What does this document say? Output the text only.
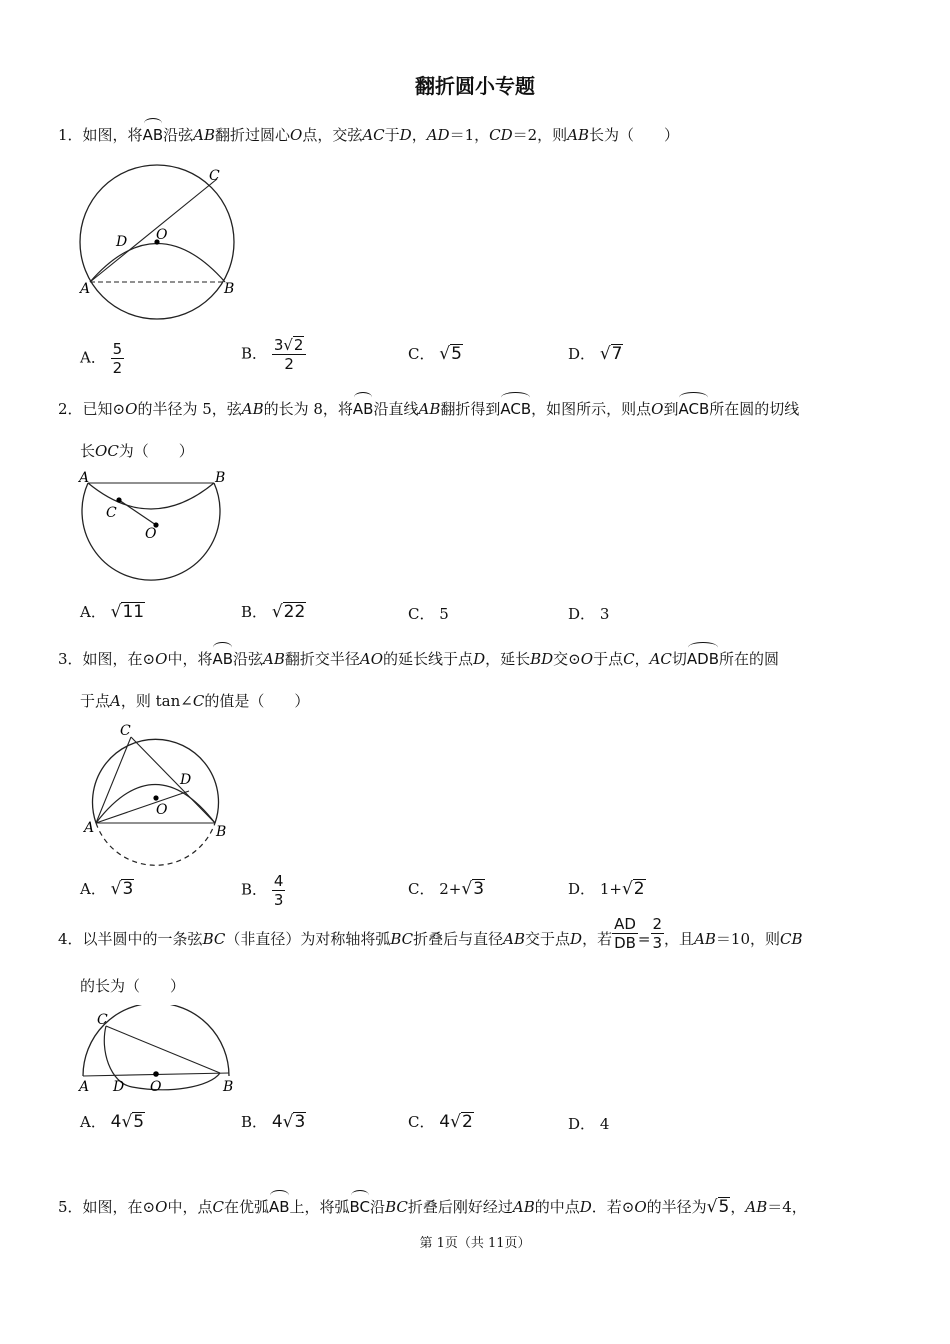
翻折圆小专题
1．如图，将AB沿弦AB翻折过圆心O点，交弦AC于D，AD＝1，CD＝2，则AB长为（　　）
C
D O
A	B
A． $\frac{5}{2}$	B． $\frac{3√2}{2}$	C． √5	D． √7
2．已知⊙O的半径为 5，弦AB的长为 8，将AB沿直线AB翻折得到ACB，如图所示，则点O到ACB所在圆的切线
长OC为（　　）
A	B
C
O
A． √11	B． √22	C． 5	D． 3
3．如图，在⊙O中，将AB沿弦AB翻折交半径AO的延长线于点D，延长BD交⊙O于点C，AC切ADB所在的圆
于点A，则 tan∠C的值是（　　）
C
D
O
A	B
A． √3	B． $\frac{4}{3}$	C． 2+√3	D． 1+√2
4．以半圆中的一条弦BC（非直径）为对称轴将弧BC折叠后与直径AB交于点D，若 $\frac{AD}{DB} = \frac{2}{3}$ ，且AB＝10，则CB
的长为（　　）
C
A D O	B
A． 4√5	B． 4√3	C． 4√2	D． 4
5．如图，在⊙O中，点C在优弧AB上，将弧BC沿BC折叠后刚好经过AB的中点D．若⊙O的半径为√5，AB＝4，
第 1页（共 11页）
